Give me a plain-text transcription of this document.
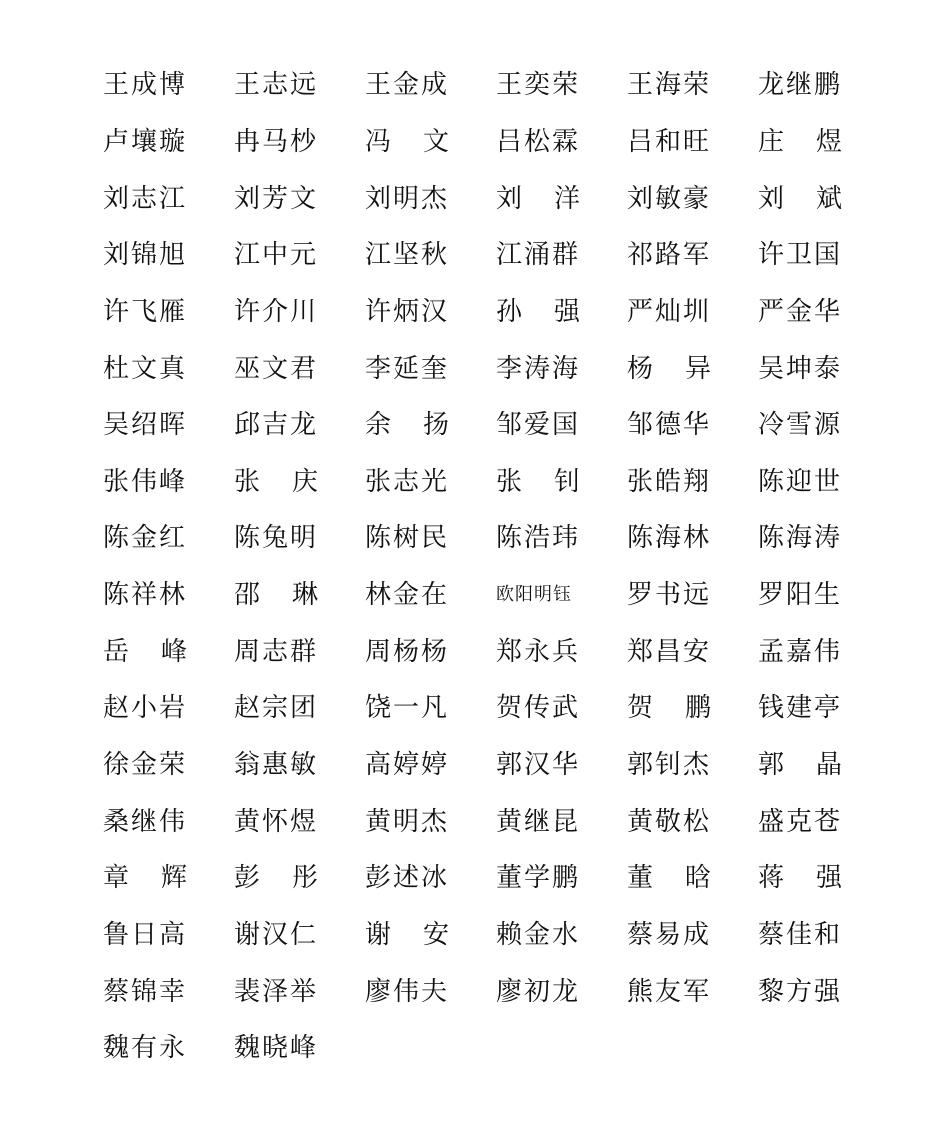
王成博 王志远 王金成 王奕荣 王海荣 龙继鹏
卢壤璇 冉马杪 冯 文 吕松霖 吕和旺 庄 煜
刘志江 刘芳文 刘明杰 刘 洋 刘敏豪 刘 斌
刘锦旭 江中元 江坚秋 江涌群 祁路军 许卫国
许飞雁 许介川 许炳汉 孙 强 严灿圳 严金华
杜文真 巫文君 李延奎 李涛海 杨 异 吴坤泰
吴绍晖 邱吉龙 余 扬 邹爱国 邹德华 冷雪源
张伟峰 张 庆 张志光 张 钊 张皓翔 陈迎世
陈金红 陈兔明 陈树民 陈浩玮 陈海林 陈海涛
陈祥林 邵 琳 林金在	欧阳明钰	罗书远 罗阳生
岳 峰 周志群 周杨杨 郑永兵 郑昌安 孟嘉伟
赵小岩 赵宗团 饶一凡 贺传武 贺 鹏 钱建亭
徐金荣 翁惠敏 高婷婷 郭汉华 郭钊杰 郭 晶
桑继伟 黄怀煜 黄明杰 黄继昆 黄敬松 盛克苍
章 辉 彭 彤 彭述冰 董学鹏 董 晗 蒋 强
鲁日高 谢汉仁 谢 安 赖金水 蔡易成 蔡佳和
蔡锦幸 裴泽举 廖伟夫 廖初龙 熊友军 黎方强
魏有永 魏晓峰
